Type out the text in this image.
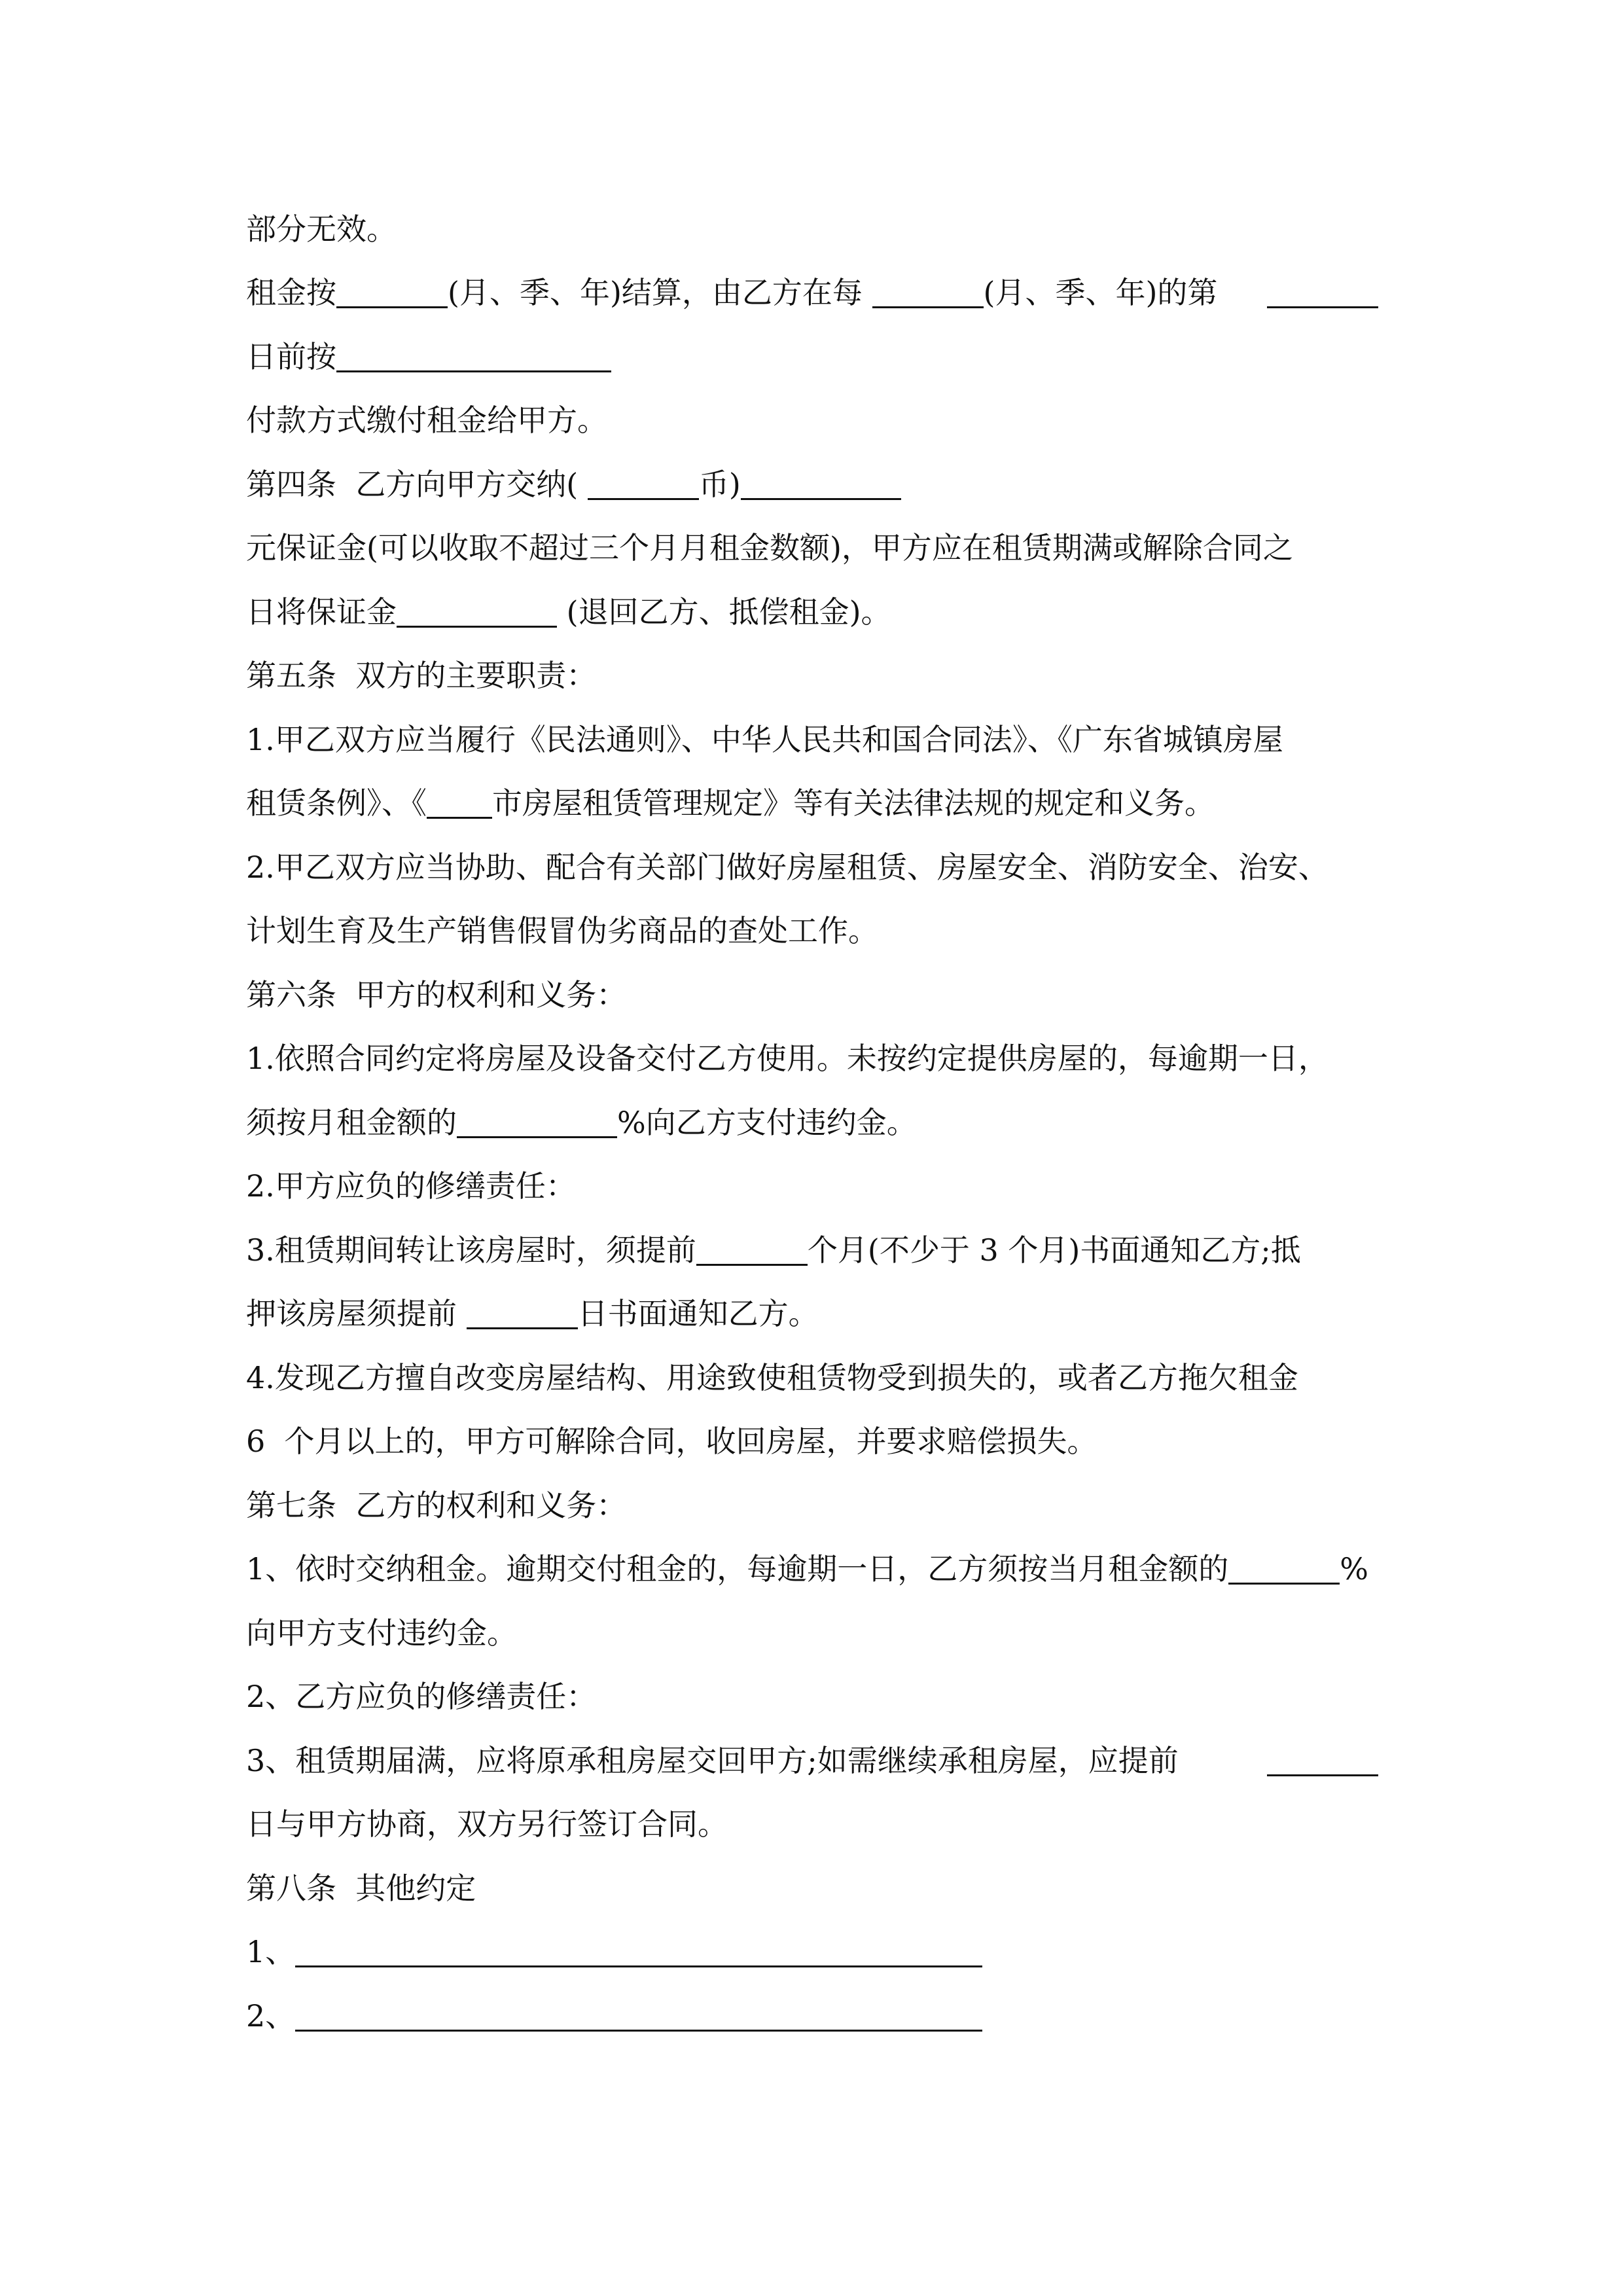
部分无效。
租金按	(月、季、年)结算，由乙方在每	(月、季、年)的第
日前按
付款方式缴付租金给甲方。
第四条  乙方向甲方交纳(	币)
元保证金(可以收取不超过三个月月租金数额)，甲方应在租赁期满或解除合同之
日将保证金	(退回乙方、抵偿租金)。
第五条  双方的主要职责：
1.甲乙双方应当履行《民法通则》、中华人民共和国合同法》、《广东省城镇房屋
租赁条例》、《 市房屋租赁管理规定》等有关法律法规的规定和义务。
2.甲乙双方应当协助、配合有关部门做好房屋租赁、房屋安全、消防安全、治安、
计划生育及生产销售假冒伪劣商品的查处工作。
第六条  甲方的权利和义务：
1.依照合同约定将房屋及设备交付乙方使用。未按约定提供房屋的，每逾期一日，
须按月租金额的	%向乙方支付违约金。
2.甲方应负的修缮责任：
3.租赁期间转让该房屋时，须提前	个月(不少于 3 个月)书面通知乙方;抵
押该房屋须提前	日书面通知乙方。
4.发现乙方擅自改变房屋结构、用途致使租赁物受到损失的，或者乙方拖欠租金
6  个月以上的，甲方可解除合同，收回房屋，并要求赔偿损失。
第七条  乙方的权利和义务：
1、依时交纳租金。逾期交付租金的，每逾期一日，乙方须按当月租金额的	%
向甲方支付违约金。
2、乙方应负的修缮责任：
3、租赁期届满，应将原承租房屋交回甲方;如需继续承租房屋，应提前
日与甲方协商，双方另行签订合同。
第八条  其他约定
1、
2、
